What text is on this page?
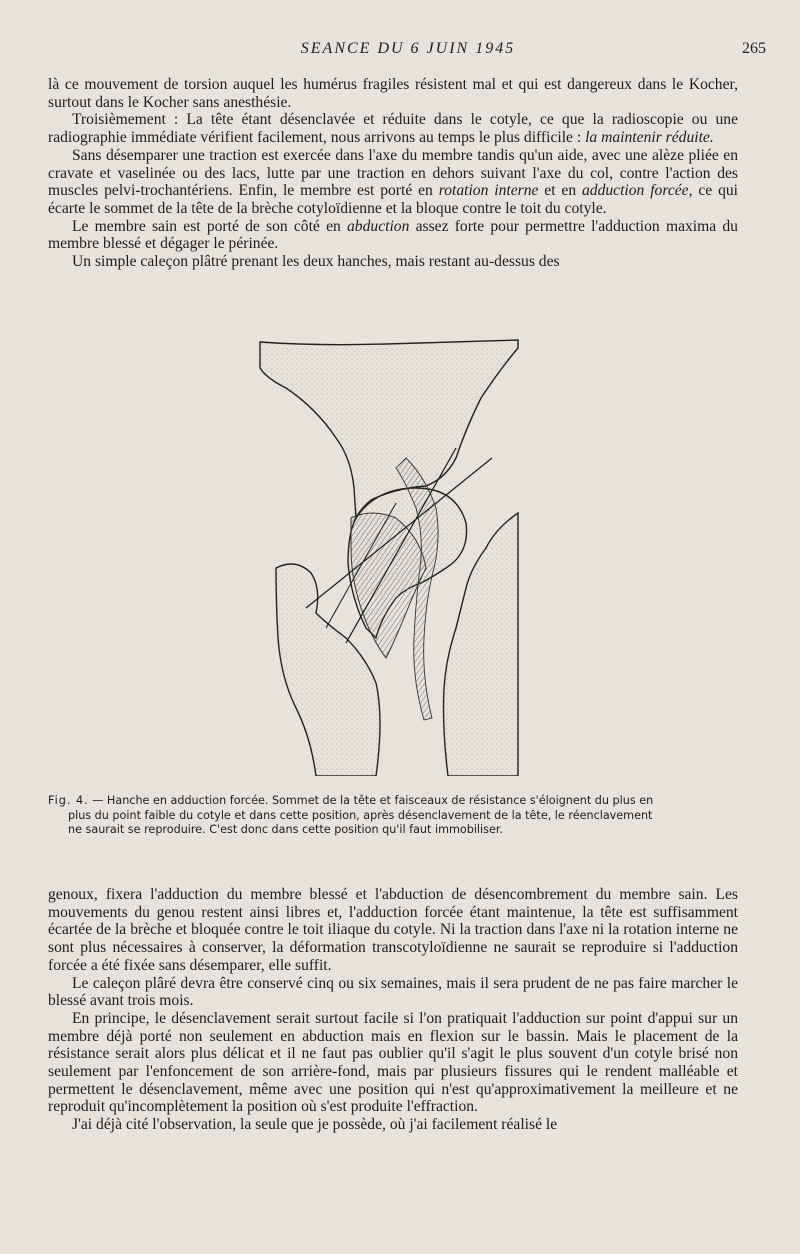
SEANCE DU 6 JUIN 1945	265

là ce mouvement de torsion auquel les humérus fragiles résistent mal et qui est dangereux dans le Kocher, surtout dans le Kocher sans anesthésie.

Troisièmement : La tête étant désenclavée et réduite dans le cotyle, ce que la radioscopie ou une radiographie immédiate vérifient facilement, nous arrivons au temps le plus difficile : la maintenir réduite.

Sans désemparer une traction est exercée dans l'axe du membre tandis qu'un aide, avec une alèze pliée en cravate et vaselinée ou des lacs, lutte par une traction en dehors suivant l'axe du col, contre l'action des muscles pelvi-trochantériens. Enfin, le membre est porté en rotation interne et en adduction forcée, ce qui écarte le sommet de la tête de la brèche cotyloïdienne et la bloque contre le toit du cotyle.

Le membre sain est porté de son côté en abduction assez forte pour permettre l'adduction maxima du membre blessé et dégager le périnée.

Un simple caleçon plâtré prenant les deux hanches, mais restant au-dessus des

Fig. 4. — Hanche en adduction forcée. Sommet de la tête et faisceaux de résistance s'éloignent du plus en
plus du point faible du cotyle et dans cette position, après désenclavement de la tête, le réenclavement
ne saurait se reproduire. C'est donc dans cette position qu'il faut immobiliser.

genoux, fixera l'adduction du membre blessé et l'abduction de désencombrement du membre sain. Les mouvements du genou restent ainsi libres et, l'adduction forcée étant maintenue, la tête est suffisamment écartée de la brèche et bloquée contre le toit iliaque du cotyle. Ni la traction dans l'axe ni la rotation interne ne sont plus nécessaires à conserver, la déformation transcotyloïdienne ne saurait se reproduire si l'adduction forcée a été fixée sans désemparer, elle suffit.

Le caleçon plâré devra être conservé cinq ou six semaines, mais il sera prudent de ne pas faire marcher le blessé avant trois mois.

En principe, le désenclavement serait surtout facile si l'on pratiquait l'adduction sur point d'appui sur un membre déjà porté non seulement en abduction mais en flexion sur le bassin. Mais le placement de la résistance serait alors plus délicat et il ne faut pas oublier qu'il s'agit le plus souvent d'un cotyle brisé non seulement par l'enfoncement de son arrière-fond, mais par plusieurs fissures qui le rendent malléable et permettent le désenclavement, même avec une position qui n'est qu'approximativement la meilleure et ne reproduit qu'incomplètement la position où s'est produite l'effraction.

J'ai déjà cité l'observation, la seule que je possède, où j'ai facilement réalisé le
